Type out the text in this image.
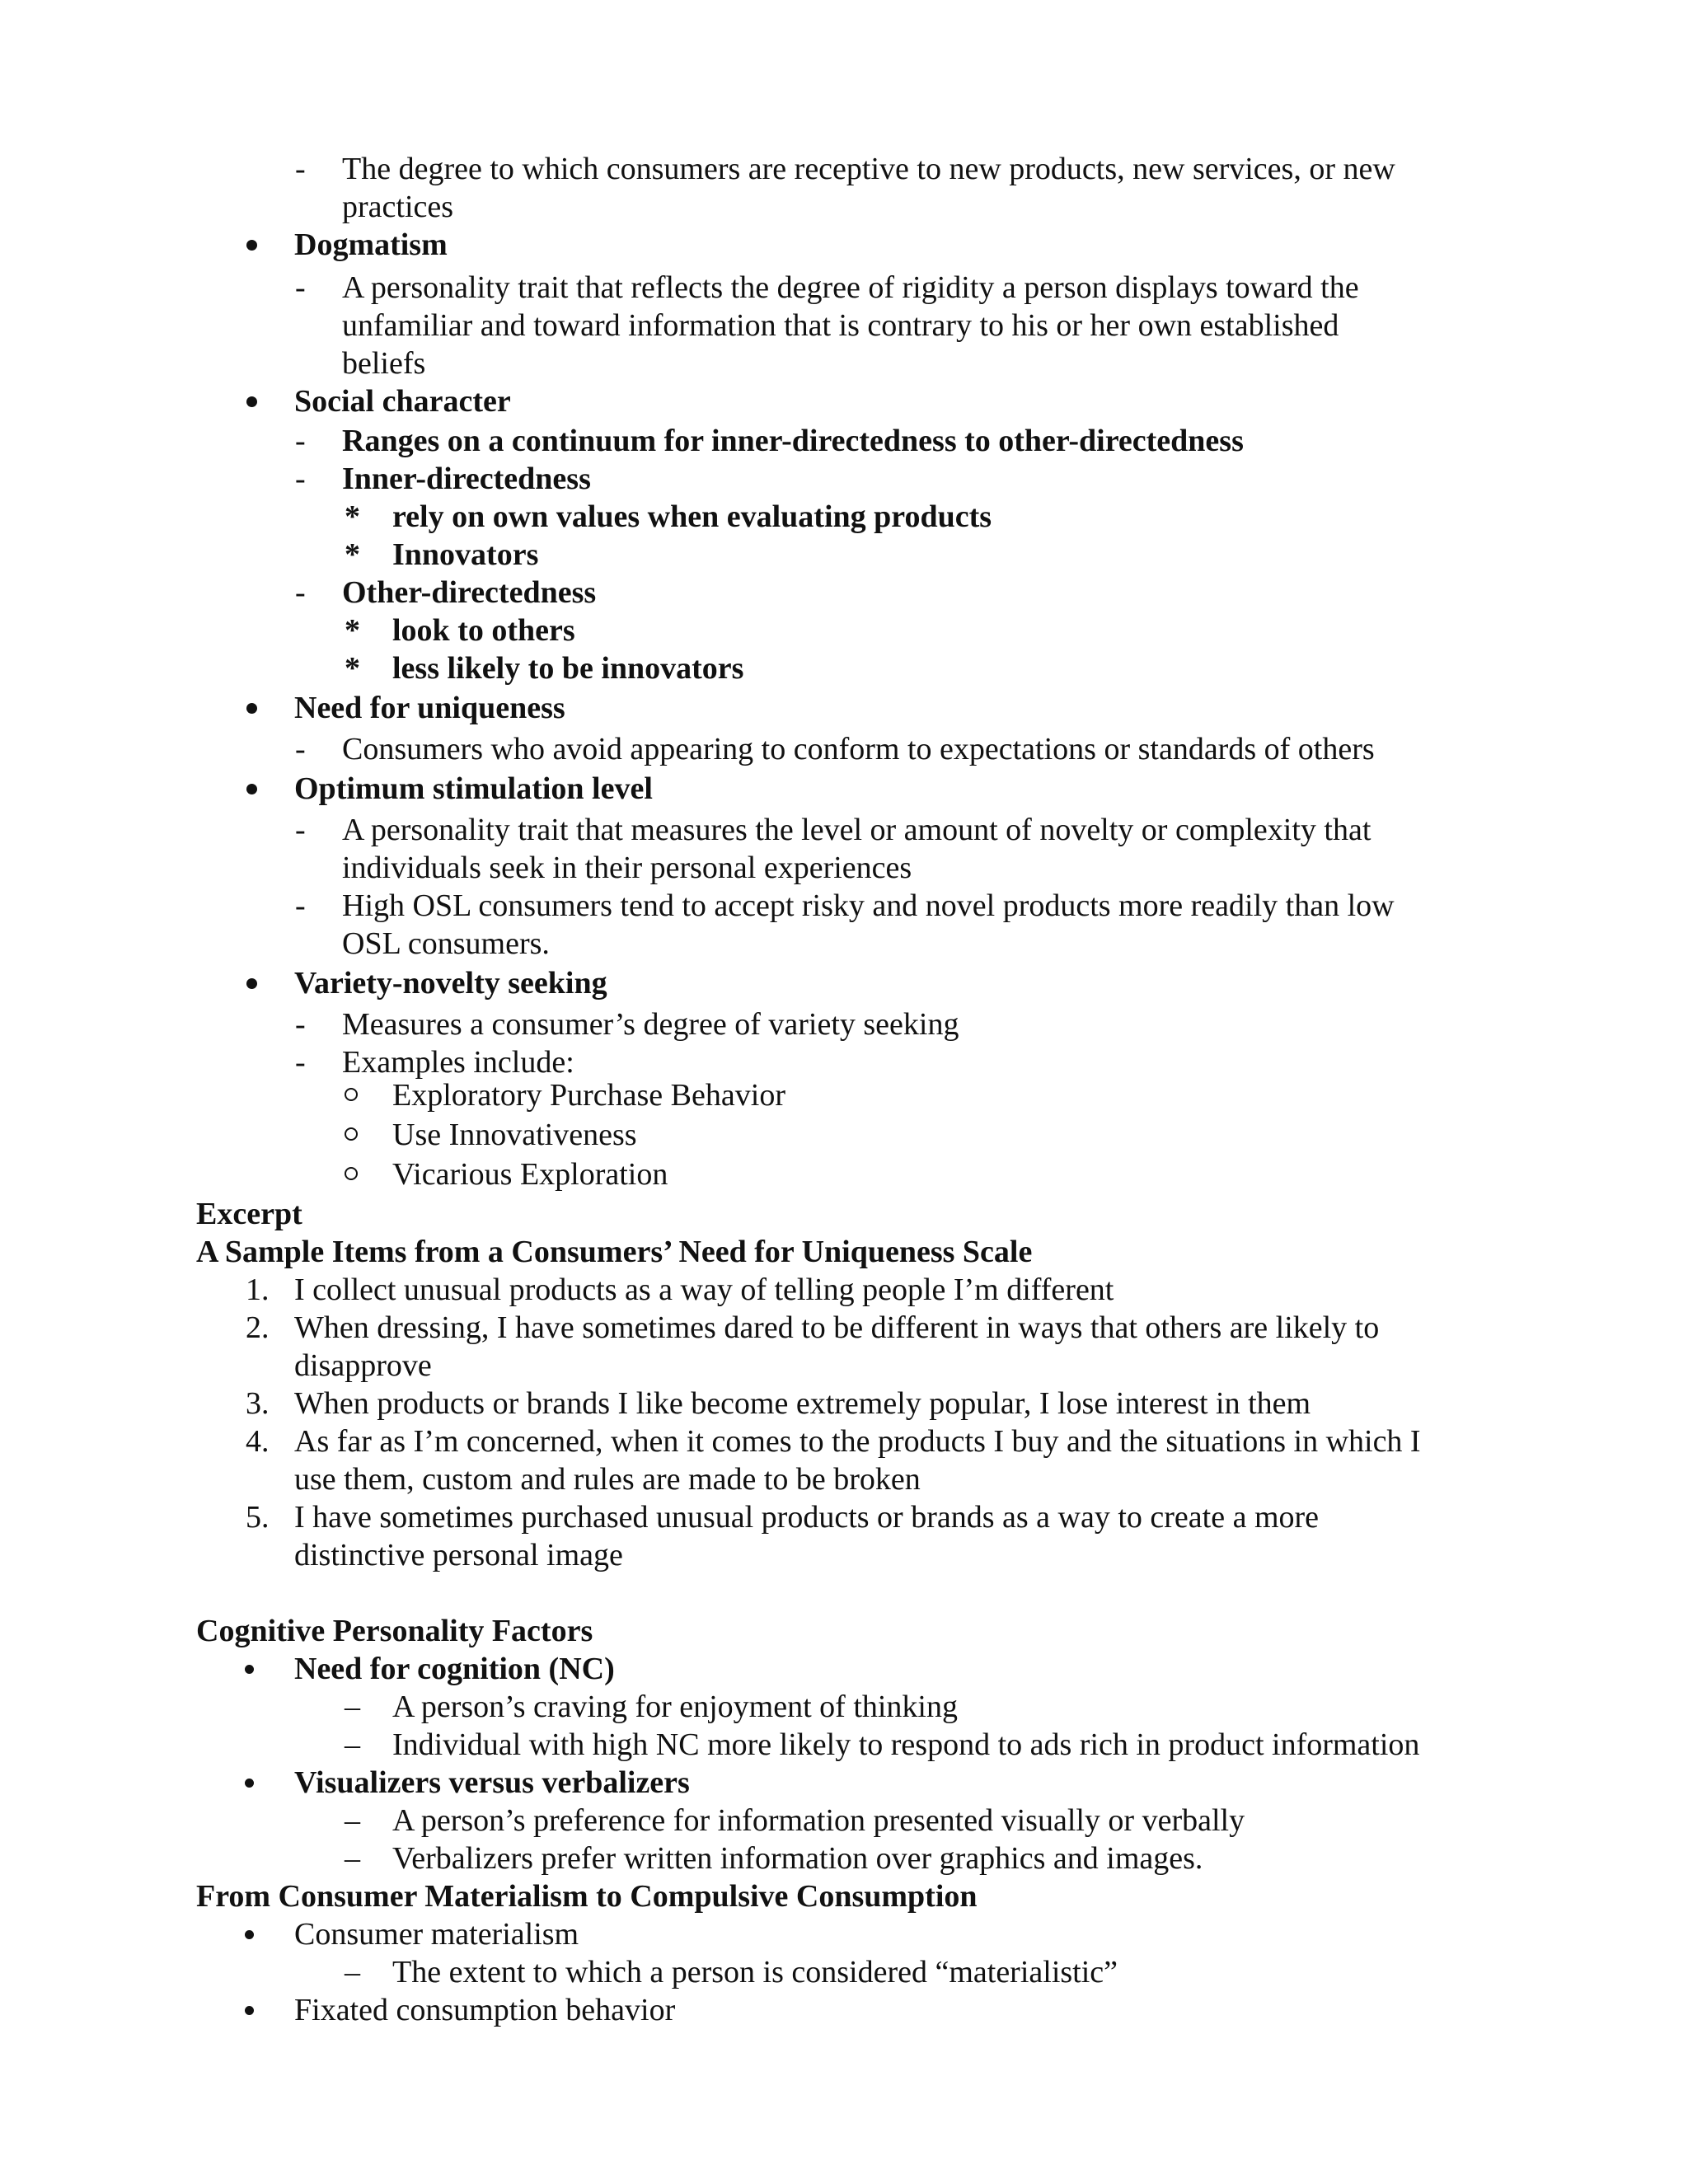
- The degree to which consumers are receptive to new products, new services, or new
practices
Dogmatism
- A personality trait that reflects the degree of rigidity a person displays toward the
unfamiliar and toward information that is contrary to his or her own established
beliefs
Social character
- Ranges on a continuum for inner-directedness to other-directedness
- Inner-directedness
* rely on own values when evaluating products
* Innovators
- Other-directedness
* look to others
* less likely to be innovators
Need for uniqueness
- Consumers who avoid appearing to conform to expectations or standards of others
Optimum stimulation level
- A personality trait that measures the level or amount of novelty or complexity that
individuals seek in their personal experiences
- High OSL consumers tend to accept risky and novel products more readily than low
OSL consumers.
Variety-novelty seeking
- Measures a consumer’s degree of variety seeking
- Examples include:
Exploratory Purchase Behavior
Use Innovativeness
Vicarious Exploration
Excerpt
A Sample Items from a Consumers’ Need for Uniqueness Scale
1. I collect unusual products as a way of telling people I’m different
2. When dressing, I have sometimes dared to be different in ways that others are likely to
disapprove
3. When products or brands I like become extremely popular, I lose interest in them
4. As far as I’m concerned, when it comes to the products I buy and the situations in which I
use them, custom and rules are made to be broken
5. I have sometimes purchased unusual products or brands as a way to create a more
distinctive personal image
Cognitive Personality Factors
Need for cognition (NC)
– A person’s craving for enjoyment of thinking
– Individual with high NC more likely to respond to ads rich in product information
Visualizers versus verbalizers
– A person’s preference for information presented visually or verbally
– Verbalizers prefer written information over graphics and images.
From Consumer Materialism to Compulsive Consumption
Consumer materialism
– The extent to which a person is considered “materialistic”
Fixated consumption behavior
